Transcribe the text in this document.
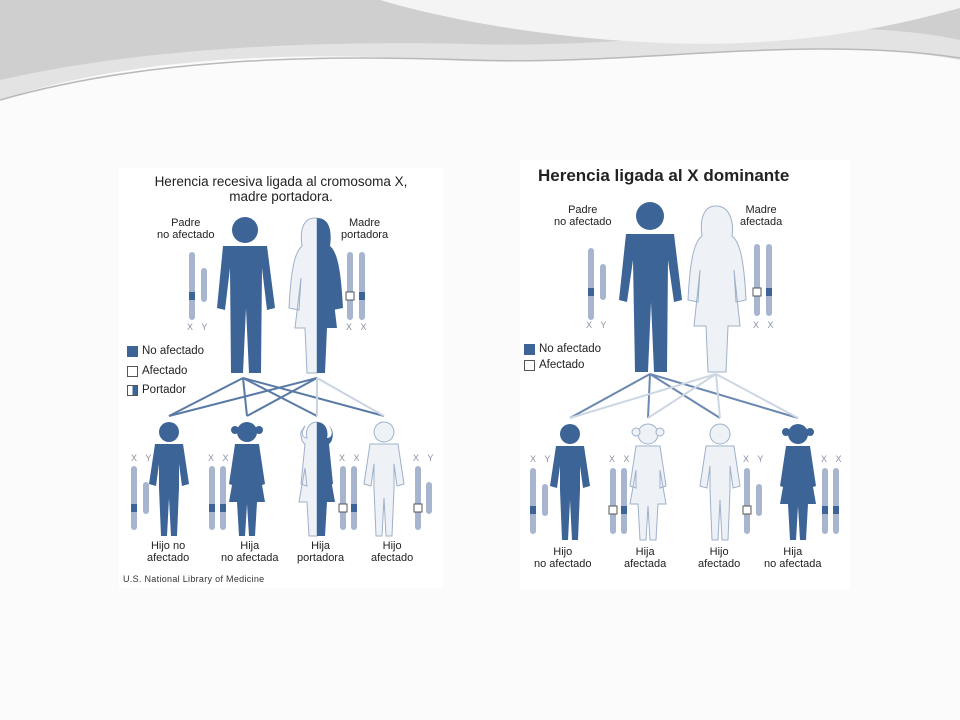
Herencia recesiva ligada al cromosoma X,
madre portadora.
Padre
no afectado
Madre
portadora
X Y	X X
No afectado
Afectado
Portador
X Y	X X	X X	X Y
Hijo no
afectado
Hija
no afectada
Hija
portadora
Hijo
afectado
U.S. National Library of Medicine
Herencia ligada al X dominante
Padre
no afectado
Madre
afectada
X Y	X X
No afectado
Afectado
X Y	X X	X Y	X X
Hijo
no afectado
Hija
afectada
Hijo
afectado
Hija
no afectada
